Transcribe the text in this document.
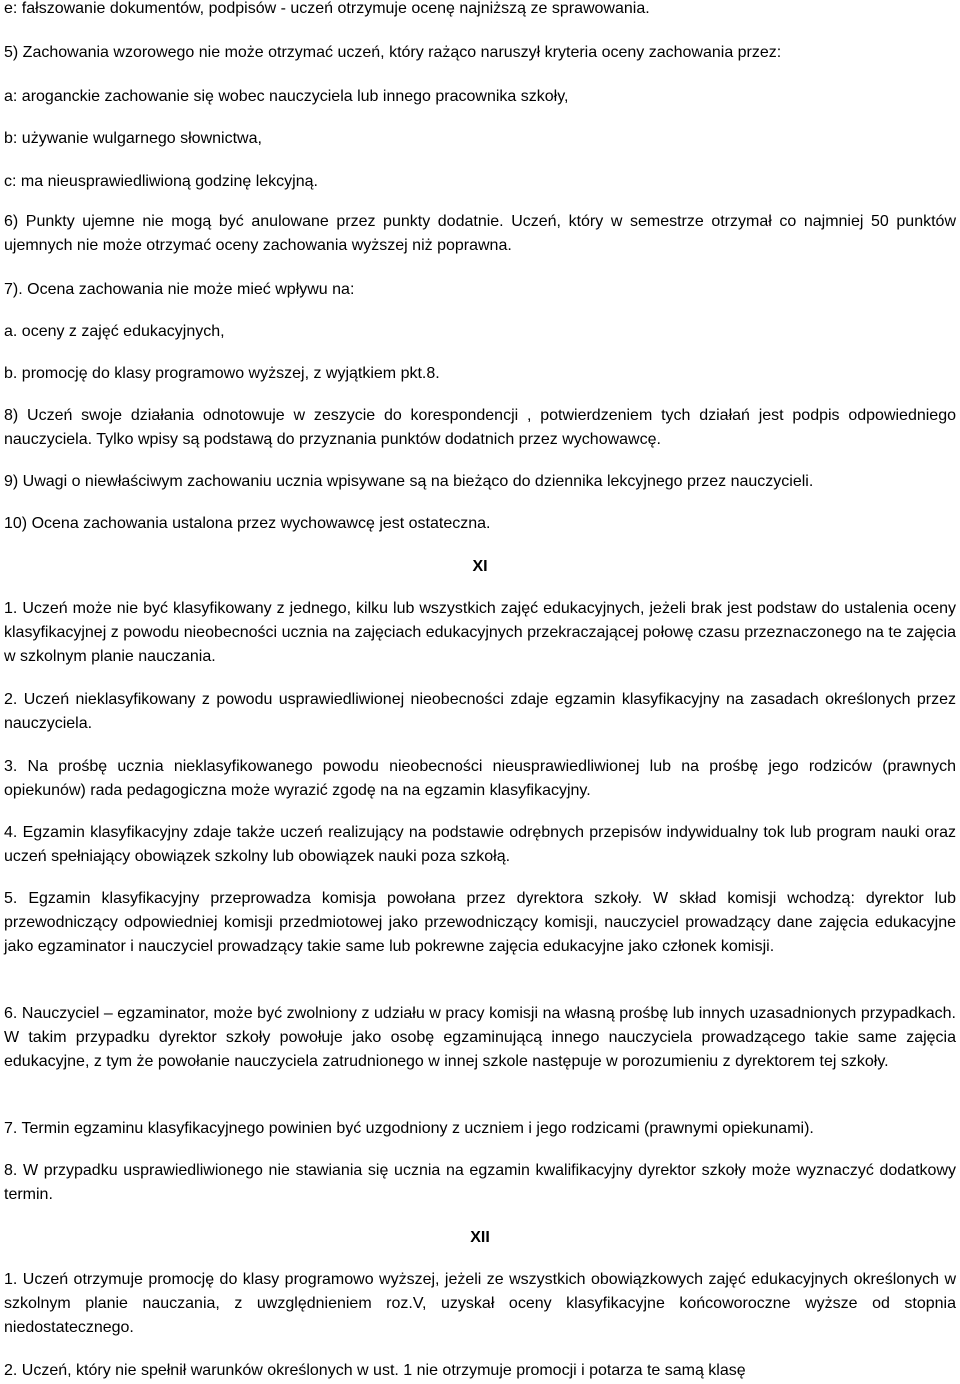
e: fałszowanie dokumentów, podpisów - uczeń otrzymuje ocenę najniższą ze sprawowania.

5) Zachowania wzorowego nie może otrzymać uczeń, który rażąco naruszył kryteria oceny zachowania przez:

a: aroganckie zachowanie się wobec nauczyciela lub innego pracownika szkoły,

b: używanie wulgarnego słownictwa,

c: ma nieusprawiedliwioną godzinę lekcyjną.

6) Punkty ujemne nie mogą być anulowane przez punkty dodatnie. Uczeń, który w semestrze otrzymał co najmniej 50 punktów ujemnych nie może otrzymać oceny zachowania wyższej niż poprawna.

7). Ocena zachowania nie może mieć wpływu na:

a. oceny z zajęć edukacyjnych,

b. promocję do klasy programowo wyższej, z wyjątkiem pkt.8.

8) Uczeń swoje działania odnotowuje w zeszycie do korespondencji , potwierdzeniem tych działań jest podpis odpowiedniego nauczyciela. Tylko wpisy są podstawą do przyznania punktów dodatnich przez wychowawcę.

9) Uwagi o niewłaściwym zachowaniu ucznia wpisywane są na bieżąco do dziennika lekcyjnego przez nauczycieli.

10) Ocena zachowania ustalona przez wychowawcę jest ostateczna.

XI

1. Uczeń może nie być klasyfikowany z jednego, kilku lub wszystkich zajęć edukacyjnych, jeżeli brak jest podstaw do ustalenia oceny klasyfikacyjnej z powodu nieobecności ucznia na zajęciach edukacyjnych przekraczającej połowę czasu przeznaczonego na te zajęcia w szkolnym planie nauczania.

2. Uczeń nieklasyfikowany z powodu usprawiedliwionej nieobecności zdaje egzamin klasyfikacyjny na zasadach określonych przez nauczyciela.

3. Na prośbę ucznia nieklasyfikowanego powodu nieobecności nieusprawiedliwionej lub na prośbę jego rodziców (prawnych opiekunów) rada pedagogiczna może wyrazić zgodę na na egzamin klasyfikacyjny.

4. Egzamin klasyfikacyjny zdaje także uczeń realizujący na podstawie odrębnych przepisów indywidualny tok lub program nauki oraz uczeń spełniający obowiązek szkolny lub obowiązek nauki poza szkołą.

5. Egzamin klasyfikacyjny przeprowadza komisja powołana przez dyrektora szkoły. W skład komisji wchodzą: dyrektor lub przewodniczący odpowiedniej komisji przedmiotowej jako przewodniczący komisji, nauczyciel prowadzący dane zajęcia edukacyjne jako egzaminator i nauczyciel prowadzący takie same lub pokrewne zajęcia edukacyjne jako członek komisji.

6. Nauczyciel – egzaminator, może być zwolniony z udziału w pracy komisji na własną prośbę lub innych uzasadnionych przypadkach. W takim przypadku dyrektor szkoły powołuje jako osobę egzaminującą innego nauczyciela prowadzącego takie same zajęcia edukacyjne, z tym że powołanie nauczyciela zatrudnionego w innej szkole następuje w porozumieniu z dyrektorem tej szkoły.

7. Termin egzaminu klasyfikacyjnego powinien być uzgodniony z uczniem i jego rodzicami (prawnymi opiekunami).

8. W przypadku usprawiedliwionego nie stawiania się ucznia na egzamin kwalifikacyjny dyrektor szkoły może wyznaczyć dodatkowy termin.

XII

1. Uczeń otrzymuje promocję do klasy programowo wyższej, jeżeli ze wszystkich obowiązkowych zajęć edukacyjnych określonych w szkolnym planie nauczania, z uwzględnieniem roz.V, uzyskał oceny klasyfikacyjne końcoworoczne wyższe od stopnia niedostatecznego.

2. Uczeń, który nie spełnił warunków określonych w ust. 1 nie otrzymuje promocji i potarza te samą klasę
